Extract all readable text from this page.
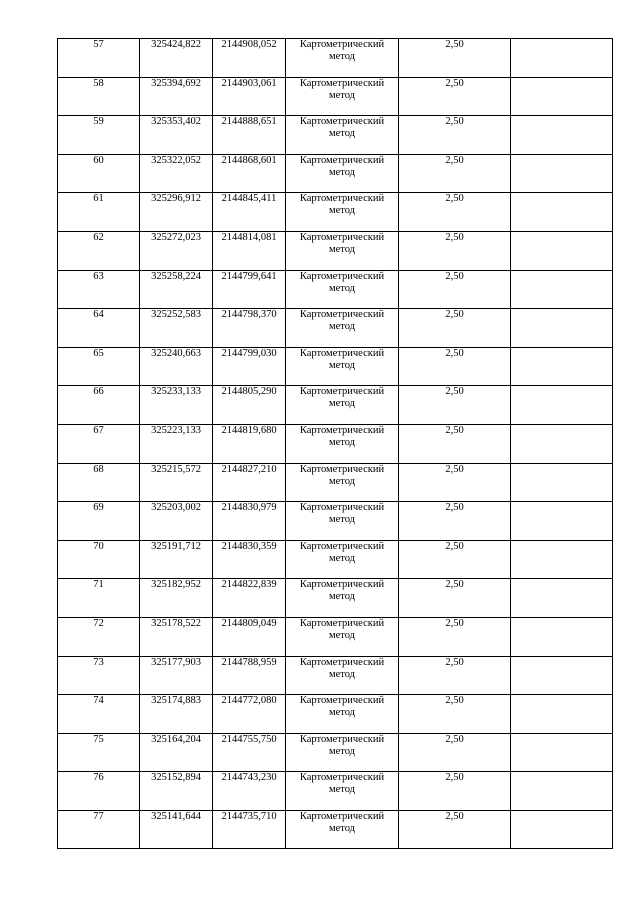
57	325424,822	2144908,052	Картометрический метод	2,50	
58	325394,692	2144903,061	Картометрический метод	2,50	
59	325353,402	2144888,651	Картометрический метод	2,50	
60	325322,052	2144868,601	Картометрический метод	2,50	
61	325296,912	2144845,411	Картометрический метод	2,50	
62	325272,023	2144814,081	Картометрический метод	2,50	
63	325258,224	2144799,641	Картометрический метод	2,50	
64	325252,583	2144798,370	Картометрический метод	2,50	
65	325240,663	2144799,030	Картометрический метод	2,50	
66	325233,133	2144805,290	Картометрический метод	2,50	
67	325223,133	2144819,680	Картометрический метод	2,50	
68	325215,572	2144827,210	Картометрический метод	2,50	
69	325203,002	2144830,979	Картометрический метод	2,50	
70	325191,712	2144830,359	Картометрический метод	2,50	
71	325182,952	2144822,839	Картометрический метод	2,50	
72	325178,522	2144809,049	Картометрический метод	2,50	
73	325177,903	2144788,959	Картометрический метод	2,50	
74	325174,883	2144772,080	Картометрический метод	2,50	
75	325164,204	2144755,750	Картометрический метод	2,50	
76	325152,894	2144743,230	Картометрический метод	2,50	
77	325141,644	2144735,710	Картометрический метод	2,50	
